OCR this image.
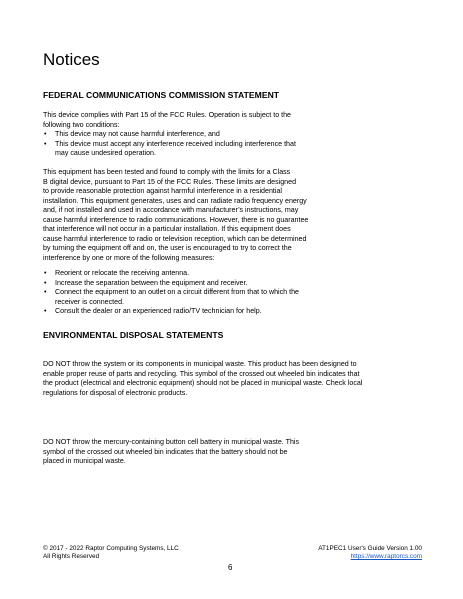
Notices
FEDERAL COMMUNICATIONS COMMISSION STATEMENT

This device complies with Part 15 of the FCC Rules. Operation is subject to the
following two conditions:

• This device may not cause harmful interference, and
• This device must accept any interference received including interference that
may cause undesired operation.

This equipment has been tested and found to comply with the limits for a Class
B digital device, pursuant to Part 15 of the FCC Rules. These limits are designed
to provide reasonable protection against harmful interference in a residential
installation. This equipment generates, uses and can radiate radio frequency energy
and, if not installed and used in accordance with manufacturer’s instructions, may
cause harmful interference to radio communications. However, there is no guarantee
that interference will not occur in a particular installation. If this equipment does
cause harmful interference to radio or television reception, which can be determined
by turning the equipment off and on, the user is encouraged to try to correct the
interference by one or more of the following measures:

• Reorient or relocate the receiving antenna.
• Increase the separation between the equipment and receiver.
• Connect the equipment to an outlet on a circuit different from that to which the
receiver is connected.
• Consult the dealer or an experienced radio/TV technician for help.
ENVIRONMENTAL DISPOSAL STATEMENTS

DO NOT throw the system or its components in municipal waste. This product has been designed to
enable proper reuse of parts and recycling. This symbol of the crossed out wheeled bin indicates that
the product (electrical and electronic equipment) should not be placed in municipal waste. Check local
regulations for disposal of electronic products.

DO NOT throw the mercury-containing button cell battery in municipal waste. This
symbol of the crossed out wheeled bin indicates that the battery should not be
placed in municipal waste.

© 2017 - 2022 Raptor Computing Systems, LLC
All Rights Reserved
AT1PEC1 User's Guide Version 1.00
https://www.raptorcs.com
6
